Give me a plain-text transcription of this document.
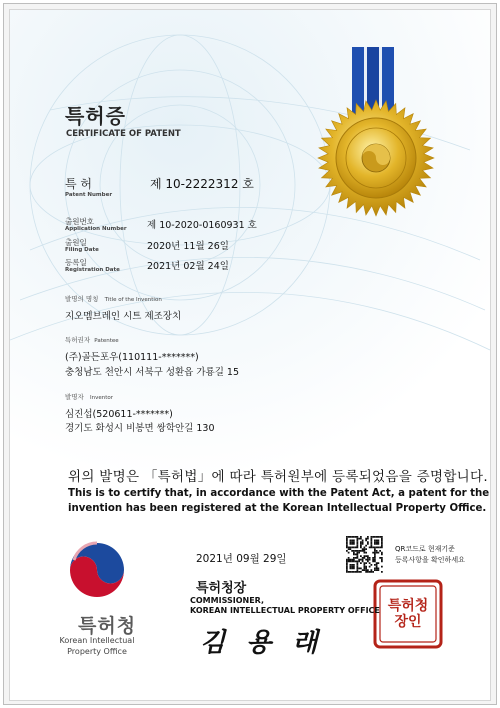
특허증
CERTIFICATE OF PATENT
특 허
Patent Number
제 10-2222312 호
출원번호
Application Number 제 10-2020-0160931 호
출원일
Filing Date	2020년 11월 26일
등록일
Registration Date	2021년 02월 24일
발명의 명칭 Title of the Invention
지오멤브레인 시트 제조장치
특허권자 Patentee
(주)골든포우(110111-*******)
충청남도 천안시 서북구 성환읍 가룡길 15
발명자 Inventor
심진섭(520611-*******)
경기도 화성시 비봉면 쌍학안길 130
위의 발명은 「특허법」에 따라 특허원부에 등록되었음을 증명합니다.
This is to certify that, in accordance with the Patent Act, a patent for the
invention has been registered at the Korean Intellectual Property Office.
2021년 09월 29일
QR코드로 현재기준
등록사항을 확인하세요
특허청장
COMMISSIONER,
KOREAN INTELLECTUAL PROPERTY OFFICE
김 용 래
특허청장인
특허청
Korean Intellectual
Property Office
